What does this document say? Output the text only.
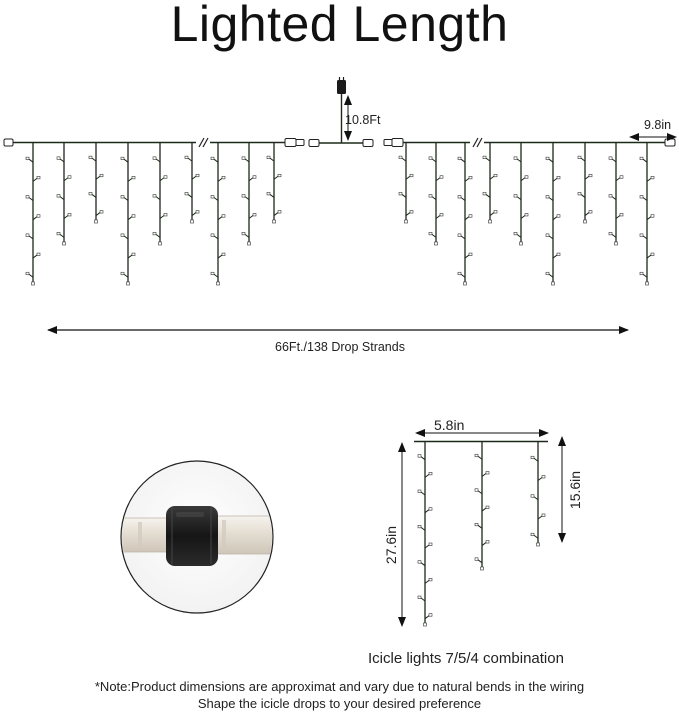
Lighted Length
10.8Ft	9.8in
66Ft./138 Drop Strands
5.8in
27.6in
15.6in
Icicle lights 7/5/4 combination
*Note:Product dimensions are approximat and vary due to natural bends in the wiring
Shape the icicle drops to your desired preference
